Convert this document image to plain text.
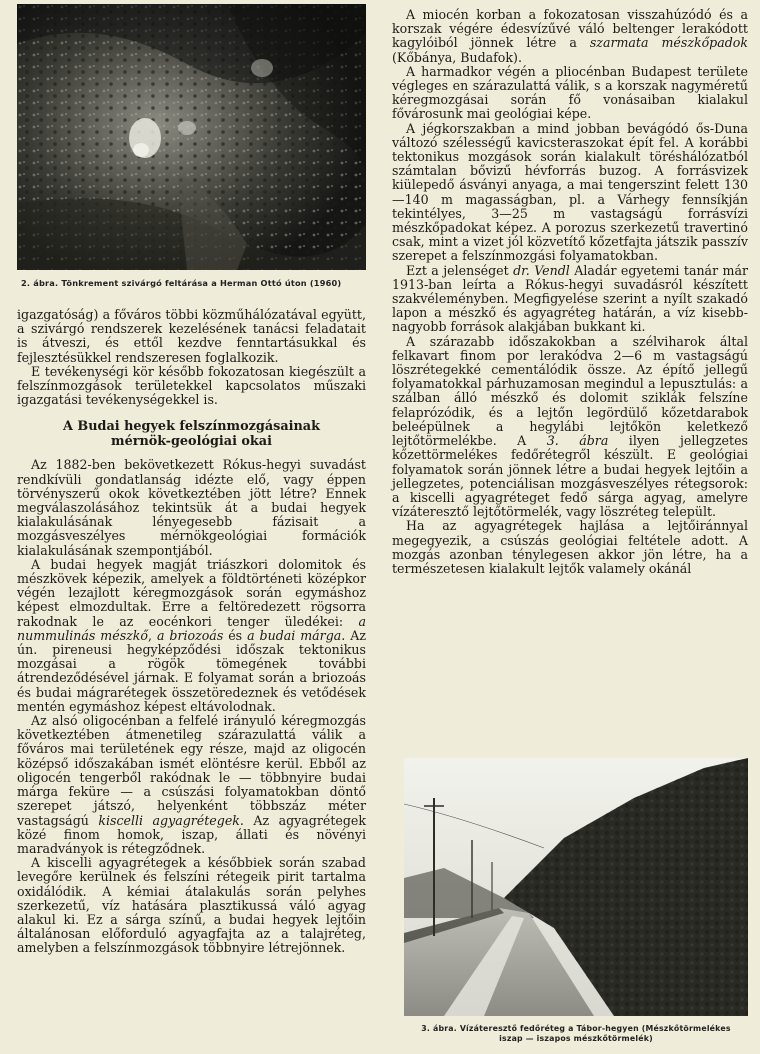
2. ábra. Tönkrement szivárgó feltárása a Herman Ottó úton (1960)

igazgatóság) a főváros többi közműhálózatával együtt, a szivárgó rendszerek kezelésének tanácsi feladatait is átveszi, és ettől kezdve fenntartásukkal és fejlesztésükkel rendszeresen foglalkozik.

E tevékenységi kör később fokozatosan kiegészült a felszínmozgások területekkel kapcsolatos műszaki igazgatási tevékenységekkel is.

A Budai hegyek felszínmozgásainak

mérnök-geológiai okai

Az 1882-ben bekövetkezett Rókus-hegyi suvadást rendkívüli gondatlanság idézte elő, vagy éppen törvényszerű okok következtében jött létre? Ennek megválaszolásához tekintsük át a budai hegyek kialakulásának lényegesebb fázisait a mozgásveszélyes mérnökgeológiai formációk kialakulásának szempontjából.

A budai hegyek magját triászkori dolomitok és mészkövek képezik, amelyek a földtörténeti középkor végén lezajlott kéregmozgások során egymáshoz képest elmozdultak. Erre a feltöredezett rögsorra rakodnak le az eocénkori tenger üledékei: a nummulinás mészkő, a briozoás és a budai márga. Az ún. pireneusi hegyképződési időszak tektonikus mozgásai a rögök tömegének további átrendeződésével járnak. E folyamat során a briozoás és budai mágrarétegek összetöredeznek és vetődések mentén egymáshoz képest eltávolodnak.

Az alsó oligocénban a felfelé irányuló kéregmozgás következtében átmenetileg szárazulattá válik a főváros mai területének egy része, majd az oligocén középső időszakában ismét elöntésre kerül. Ebből az oligocén tengerből rakódnak le — többnyire budai márga feküre — a csúszási folyamatokban döntő szerepet játszó, helyenként többszáz méter vastagságú kiscelli agyagrétegek. Az agyagrétegek közé finom homok, iszap, állati és növényi maradványok is rétegződnek.

A kiscelli agyagrétegek a későbbiek során szabad levegőre kerülnek és felszíni rétegeik pirit tartalma oxidálódik. A kémiai átalakulás során pelyhes szerkezetű, víz hatására plasztikussá váló agyag alakul ki. Ez a sárga színű, a budai hegyek lejtőin általánosan előforduló agyagfajta az a talajréteg, amelyben a felszínmozgások többnyire létrejönnek.

A miocén korban a fokozatosan visszahúzódó és a korszak végére édesvízűvé váló beltenger lerakódott kagylóiból jönnek létre a szarmata mészkőpadok (Kőbánya, Budafok).

A harmadkor végén a pliocénban Budapest területe végleges en szárazulattá válik, s a korszak nagyméretű kéregmozgásai során fő vonásaiban kialakul fővárosunk mai geológiai képe.

A jégkorszakban a mind jobban bevágódó ős-Duna változó szélességű kavicsteraszokat épít fel. A korábbi tektonikus mozgások során kialakult töréshálózatból számtalan bővizű hévforrás buzog. A forrásvizek kiülepedő ásványi anyaga, a mai tengerszint felett 130—140 m magasságban, pl. a Várhegy fennsíkján tekintélyes, 3—25 m vastagságú forrásvízi mészkőpadokat képez. A porozus szerkezetű travertinó csak, mint a vizet jól közvetítő kőzetfajta játszik passzív szerepet a felszínmozgási folyamatokban.

Ezt a jelenséget dr. Vendl Aladár egyetemi tanár már 1913-ban leírta a Rókus-hegyi suvadásról készített szakvéleményben. Megfigyelése szerint a nyílt szakadó lapon a mészkő és agyagréteg határán, a víz kisebb-nagyobb források alakjában bukkant ki.

A szárazabb időszakokban a szélviharok által felkavart finom por lerakódva 2—6 m vastagságú löszrétegekké cementálódik össze. Az építő jellegű folyamatokkal párhuzamosan megindul a lepusztulás: a szálban álló mészkő és dolomit sziklák felszíne felaprózódik, és a lejtőn legördülő kőzetdarabok beleépülnek a hegylábi lejtőkön keletkező lejtőtörmelékbe. A 3. ábra ilyen jellegzetes kőzettörmelékes fedőrétegről készült. E geológiai folyamatok során jönnek létre a budai hegyek lejtőin a jellegzetes, potenciálisan mozgásveszélyes rétegsorok: a kiscelli agyagréteget fedő sárga agyag, amelyre vízáteresztő lejtőtörmelék, vagy löszréteg települt.

Ha az agyagrétegek hajlása a lejtőiránnyal megegyezik, a csúszás geológiai feltétele adott. A mozgás azonban ténylegesen akkor jön létre, ha a természetesen kialakult lejtők valamely okánál

3. ábra. Vízáteresztő fedőréteg a Tábor-hegyen (Mészkőtörmelékes
iszap — iszapos mészkőtörmelék)
